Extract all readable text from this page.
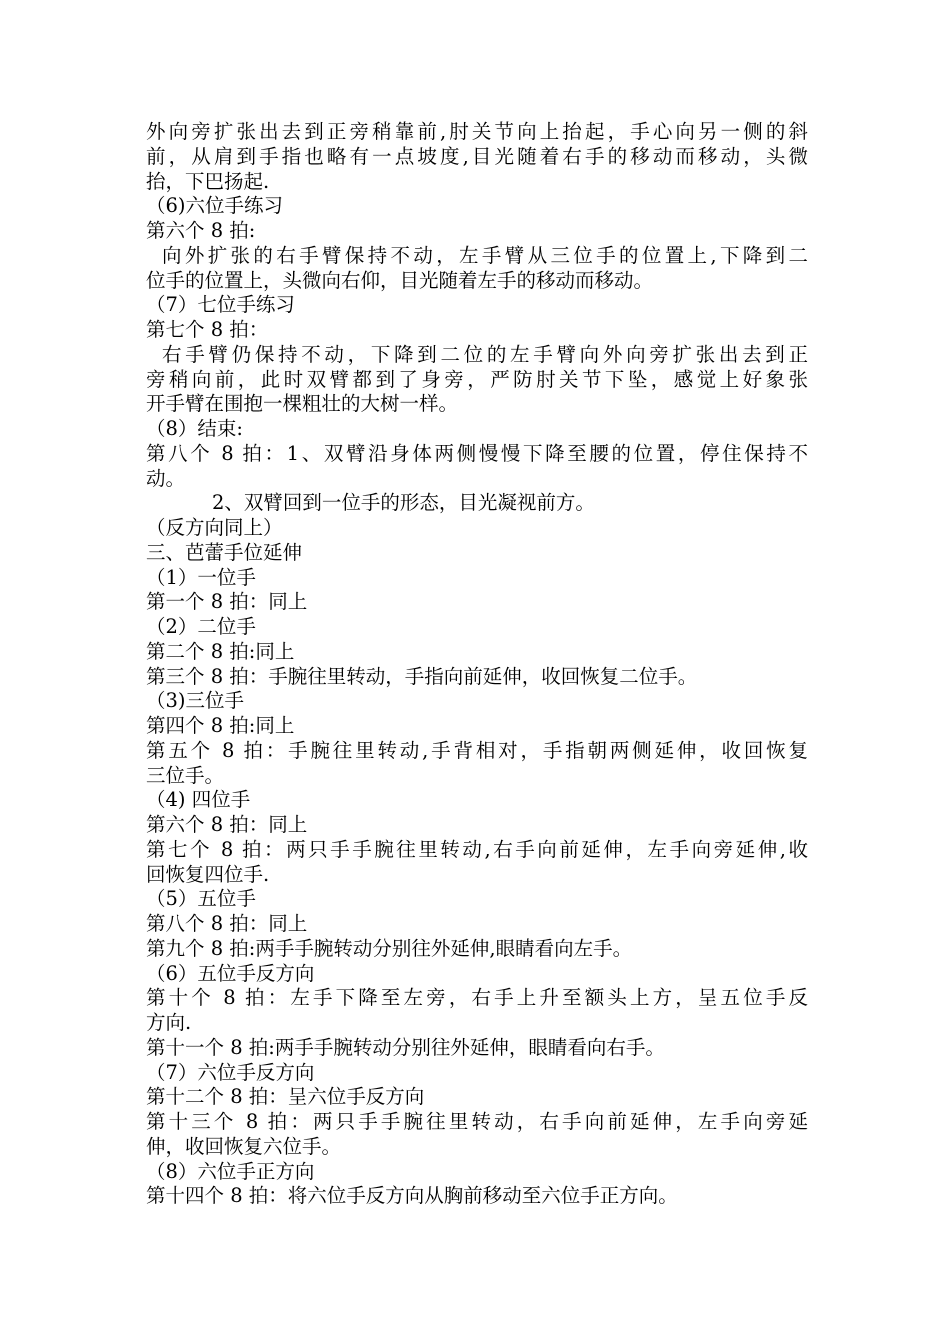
外向旁扩张出去到正旁稍靠前,肘关节向上抬起，手心向另一侧的斜
前，从肩到手指也略有一点坡度,目光随着右手的移动而移动，头微
抬，下巴扬起.
（6)六位手练习
第六个 8 拍:
向外扩张的右手臂保持不动，左手臂从三位手的位置上,下降到二
位手的位置上，头微向右仰，目光随着左手的移动而移动。
（7）七位手练习
第七个 8 拍：
右手臂仍保持不动，下降到二位的左手臂向外向旁扩张出去到正
旁稍向前，此时双臂都到了身旁，严防肘关节下坠，感觉上好象张
开手臂在围抱一棵粗壮的大树一样。
（8）结束:
第八个 8 拍：1、双臂沿身体两侧慢慢下降至腰的位置，停住保持不
动。
2、双臂回到一位手的形态，目光凝视前方。
（反方向同上）
三、芭蕾手位延伸
（1）一位手
第一个 8 拍：同上
（2）二位手
第二个 8 拍:同上
第三个 8 拍：手腕往里转动，手指向前延伸，收回恢复二位手。
（3)三位手
第四个 8 拍:同上
第五个 8 拍：手腕往里转动,手背相对，手指朝两侧延伸，收回恢复
三位手。
（4) 四位手
第六个 8 拍：同上
第七个 8 拍：两只手手腕往里转动,右手向前延伸，左手向旁延伸,收
回恢复四位手.
（5）五位手
第八个 8 拍：同上
第九个 8 拍:两手手腕转动分别往外延伸,眼睛看向左手。
（6）五位手反方向
第十个 8 拍：左手下降至左旁，右手上升至额头上方，呈五位手反
方向.
第十一个 8 拍:两手手腕转动分别往外延伸，眼睛看向右手。
（7）六位手反方向
第十二个 8 拍：呈六位手反方向
第十三个 8 拍：两只手手腕往里转动，右手向前延伸，左手向旁延
伸，收回恢复六位手。
（8）六位手正方向
第十四个 8 拍：将六位手反方向从胸前移动至六位手正方向。
